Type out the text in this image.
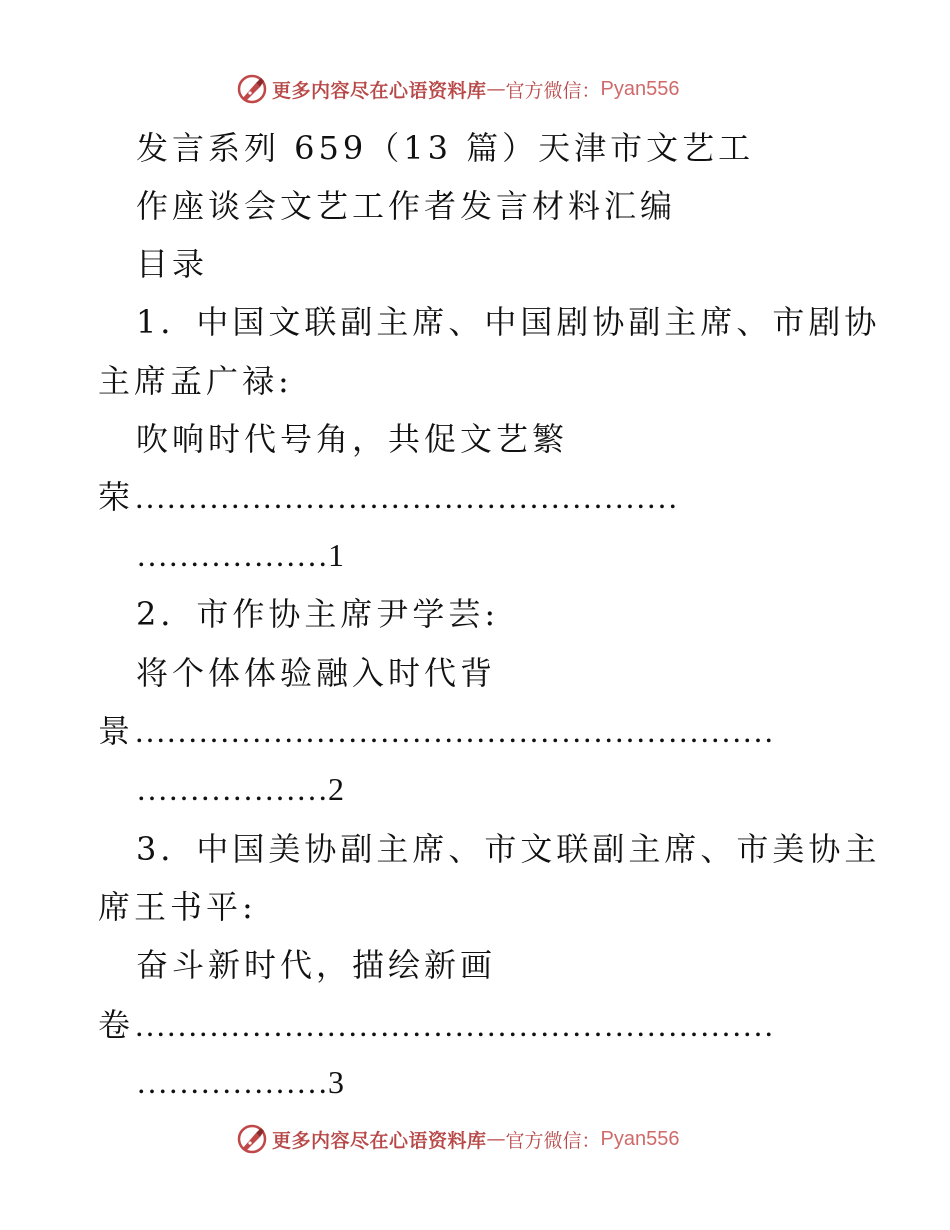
更多内容尽在心语资料库 — 官方微信： Pyan556
发言系列 659（13 篇）天津市文艺工
作座谈会文艺工作者发言材料汇编
目录
1．中国文联副主席、中国剧协副主席、市剧协
主席孟广禄:
吹响时代号角，共促文艺繁
荣……………………………………………
………………1
2．市作协主席尹学芸:
将个体体验融入时代背
景……………………………………………………
………………2
3．中国美协副主席、市文联副主席、市美协主
席王书平:
奋斗新时代，描绘新画
卷……………………………………………………
………………3
更多内容尽在心语资料库 — 官方微信： Pyan556
